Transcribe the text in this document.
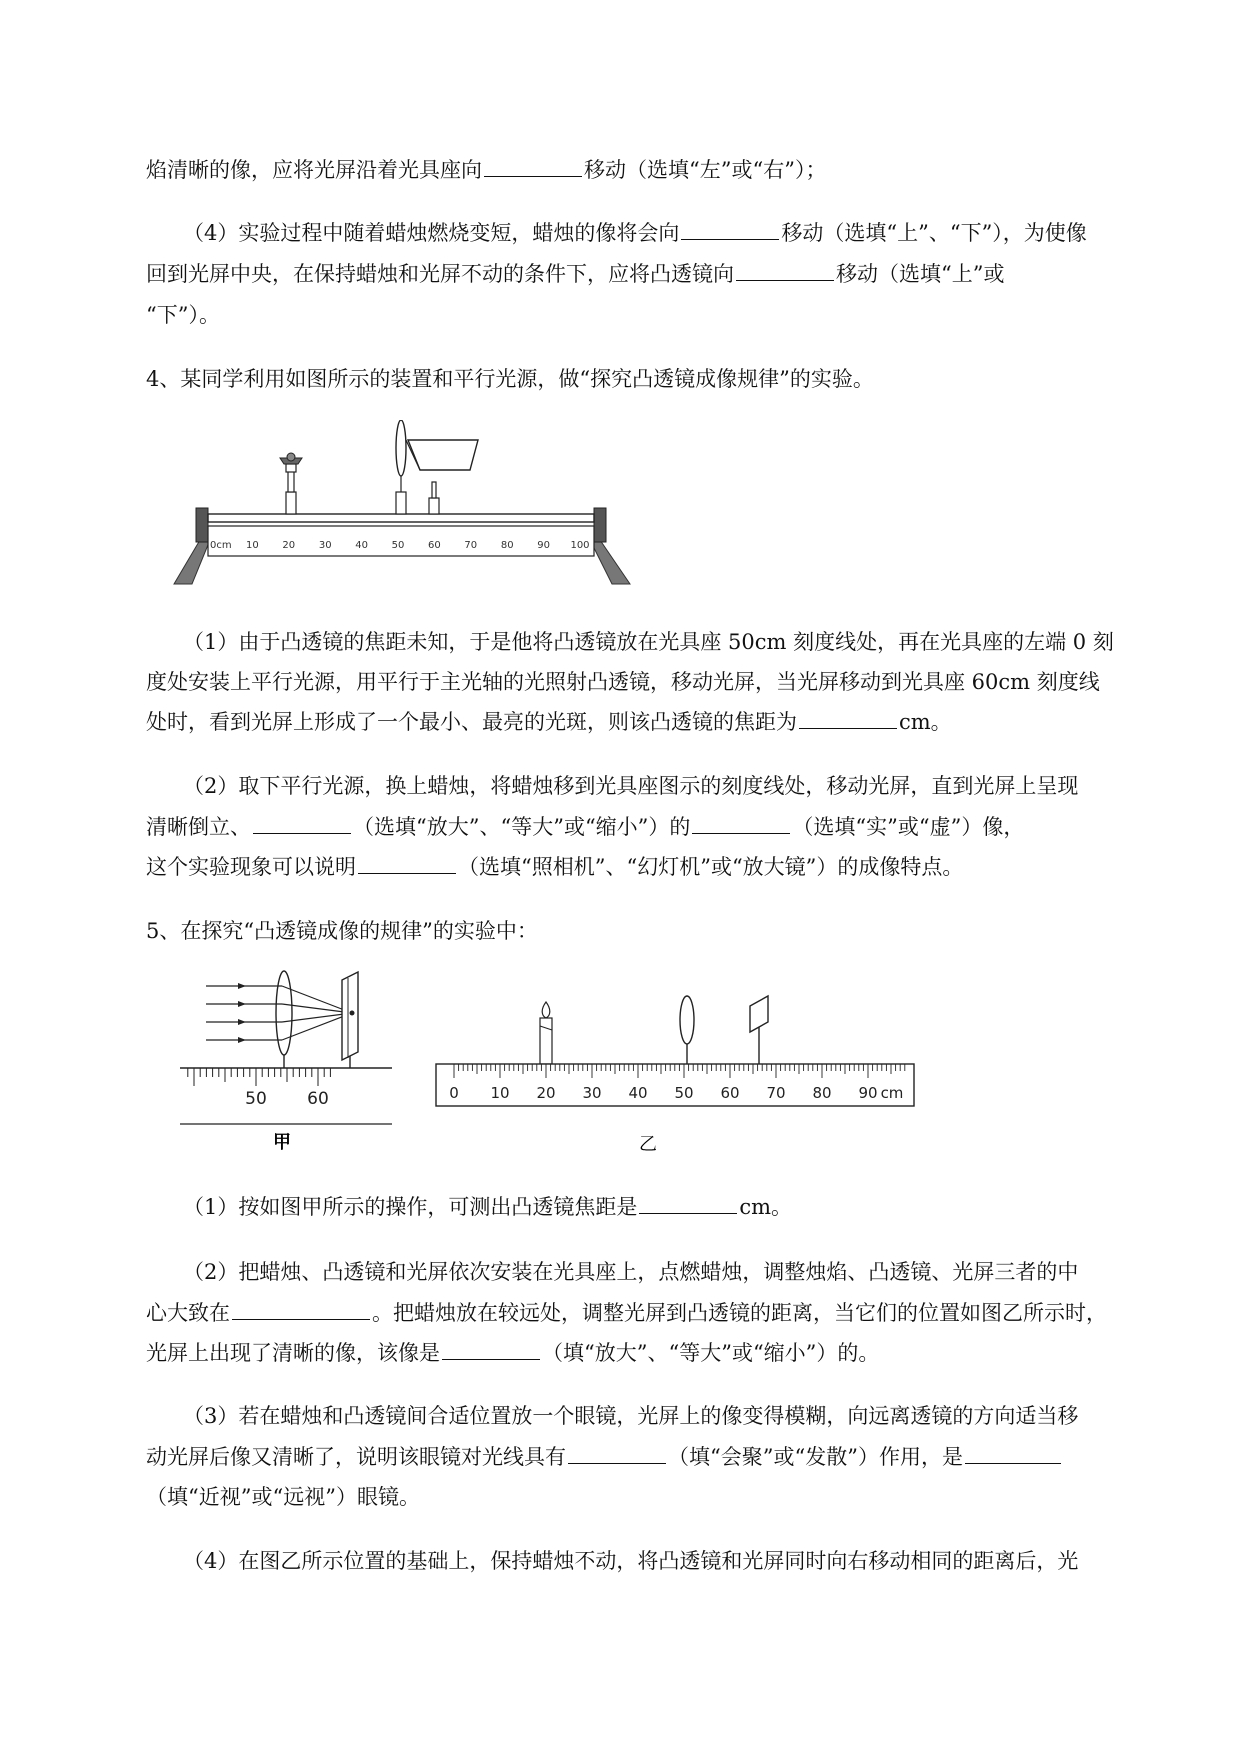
焰清晰的像，应将光屏沿着光具座向	移动（选填“左”或“右”）；
（4）实验过程中随着蜡烛燃烧变短，蜡烛的像将会向	移动（选填“上”、“下”），为使像
回到光屏中央，在保持蜡烛和光屏不动的条件下，应将凸透镜向	移动（选填“上”或
“下”）。
4、某同学利用如图所示的装置和平行光源，做“探究凸透镜成像规律”的实验。
0cm 10 20 30 40 50 60 70 80 90 100
（1）由于凸透镜的焦距未知，于是他将凸透镜放在光具座 50cm 刻度线处，再在光具座的左端 0 刻
度处安装上平行光源，用平行于主光轴的光照射凸透镜，移动光屏，当光屏移动到光具座 60cm 刻度线
处时，看到光屏上形成了一个最小、最亮的光斑，则该凸透镜的焦距为	cm。
（2）取下平行光源，换上蜡烛，将蜡烛移到光具座图示的刻度线处，移动光屏，直到光屏上呈现
清晰倒立、	（选填“放大”、“等大”或“缩小”）的	（选填“实”或“虚”）像，
这个实验现象可以说明	（选填“照相机”、“幻灯机”或“放大镜”）的成像特点。
5、在探究“凸透镜成像的规律”的实验中：
50 60
甲
0 10 20 30 40 50 60 70 80 90 cm
乙
（1）按如图甲所示的操作，可测出凸透镜焦距是	cm。
（2）把蜡烛、凸透镜和光屏依次安装在光具座上，点燃蜡烛，调整烛焰、凸透镜、光屏三者的中
心大致在	。把蜡烛放在较远处，调整光屏到凸透镜的距离，当它们的位置如图乙所示时，
光屏上出现了清晰的像，该像是	（填“放大”、“等大”或“缩小”）的。
（3）若在蜡烛和凸透镜间合适位置放一个眼镜，光屏上的像变得模糊，向远离透镜的方向适当移
动光屏后像又清晰了，说明该眼镜对光线具有	（填“会聚”或“发散”）作用，是
（填“近视”或“远视”）眼镜。
（4）在图乙所示位置的基础上，保持蜡烛不动，将凸透镜和光屏同时向右移动相同的距离后，光
